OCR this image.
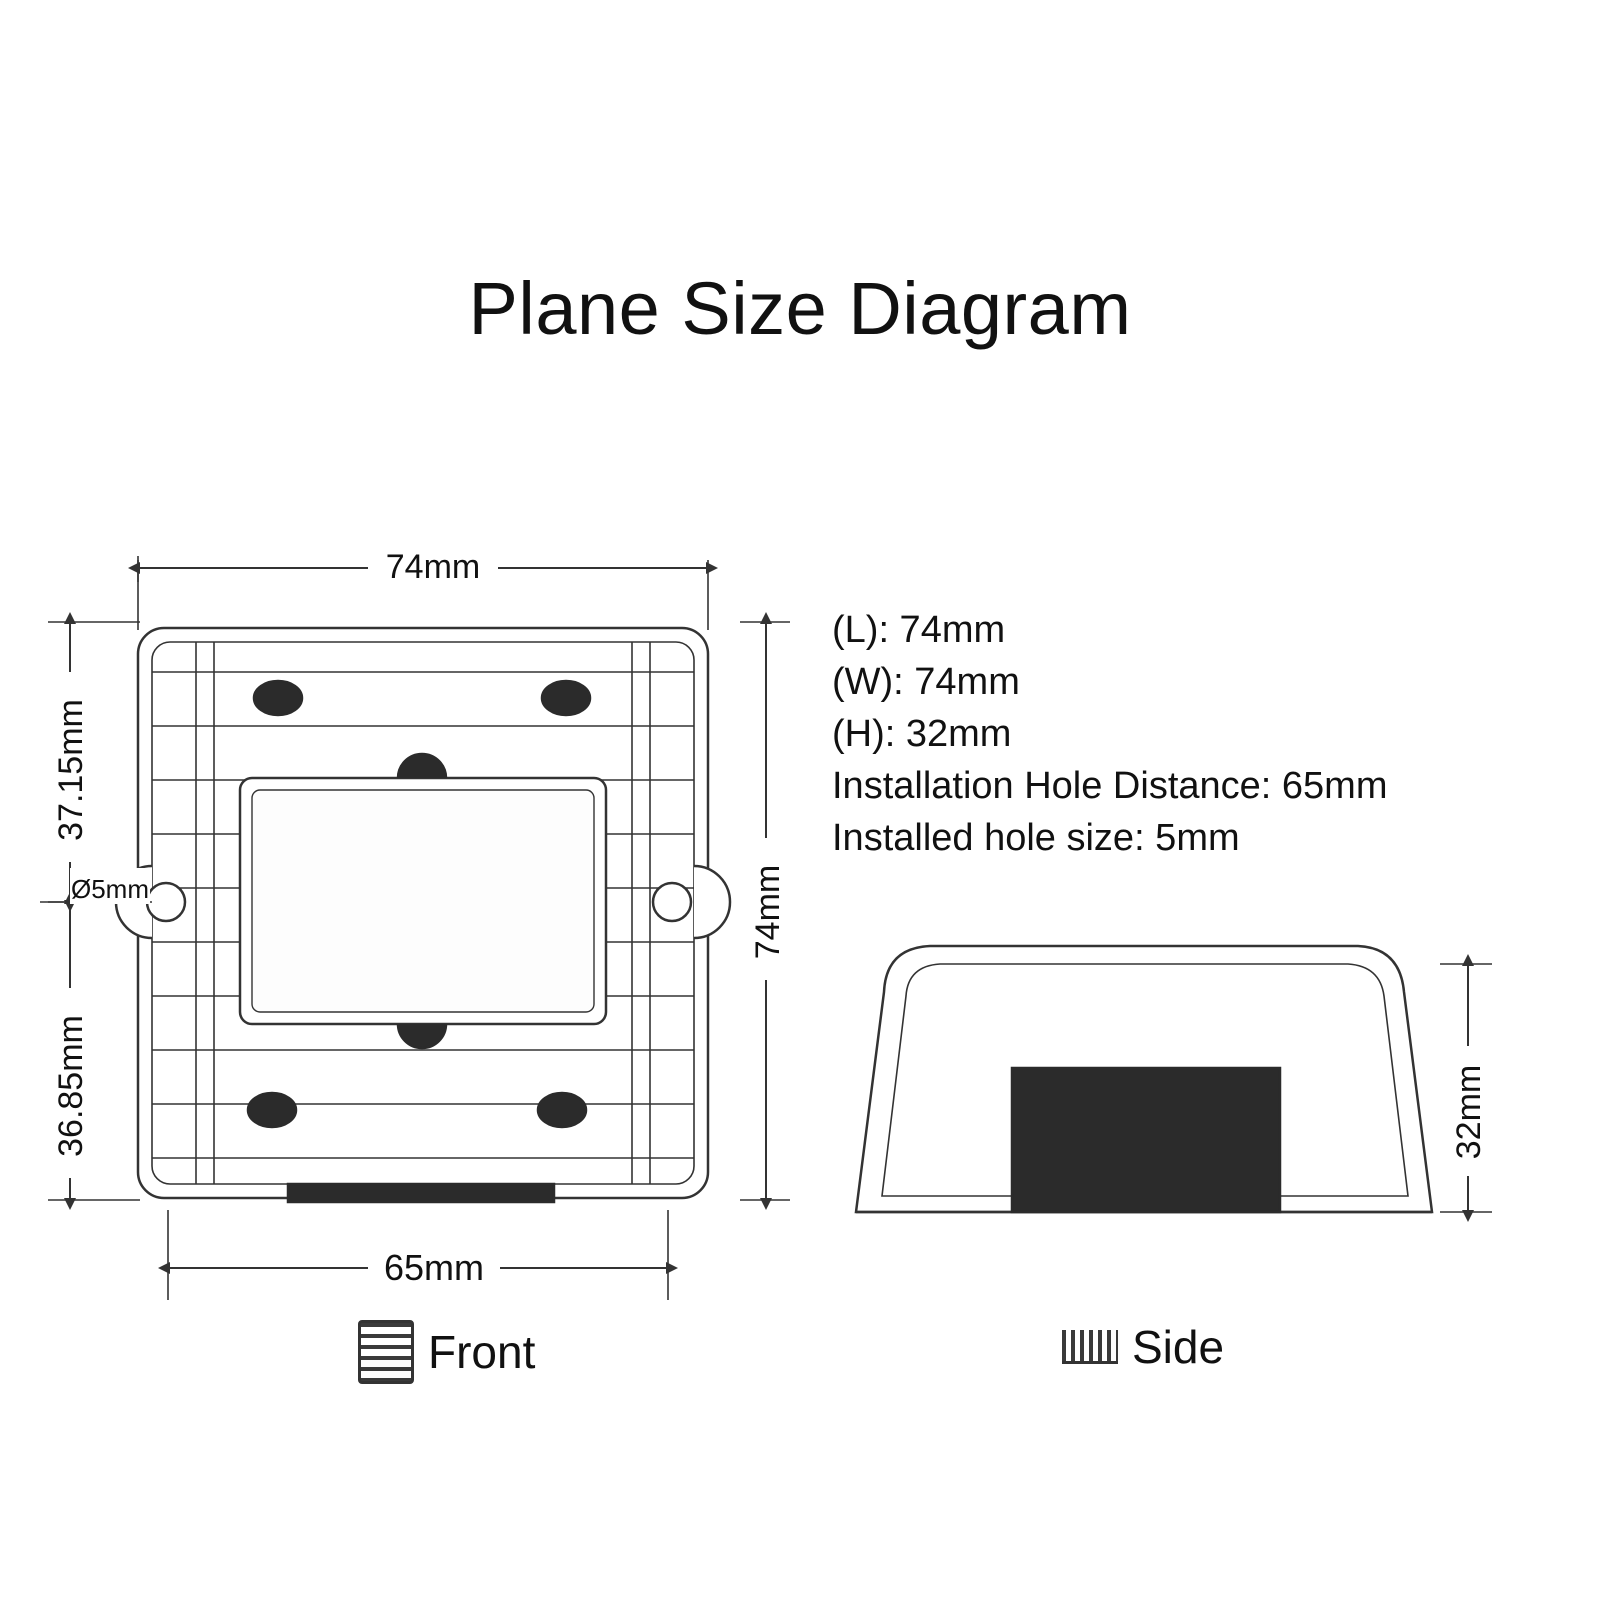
Plane Size Diagram
(L): 74mm
(W): 74mm
(H): 32mm
Installation Hole Distance: 65mm
Installed hole size: 5mm
74mm
74mm
37.15mm
36.85mm
Ø5mm
65mm
32mm
Front	Side
